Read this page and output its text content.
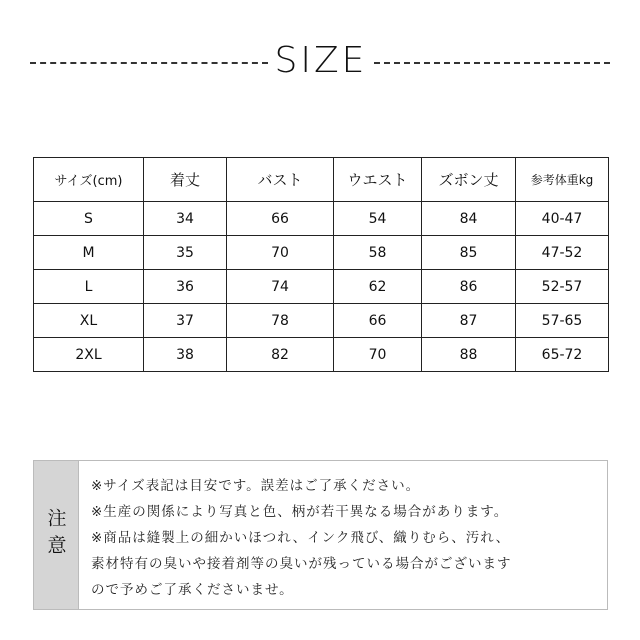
SIZE
サイズ(cm)	着丈	バスト	ウエスト	ズボン丈	参考体重kg
S	34	66	54	84	40-47
M	35	70	58	85	47-52
L	36	74	62	86	52-57
XL	37	78	66	87	57-65
2XL	38	82	70	88	65-72
注意
※サイズ表記は目安です。誤差はご了承ください。
※生産の関係により写真と色、柄が若干異なる場合があります。
※商品は縫製上の細かいほつれ、インク飛び、織りむら、汚れ、
素材特有の臭いや接着剤等の臭いが残っている場合がございます
ので予めご了承くださいませ。
